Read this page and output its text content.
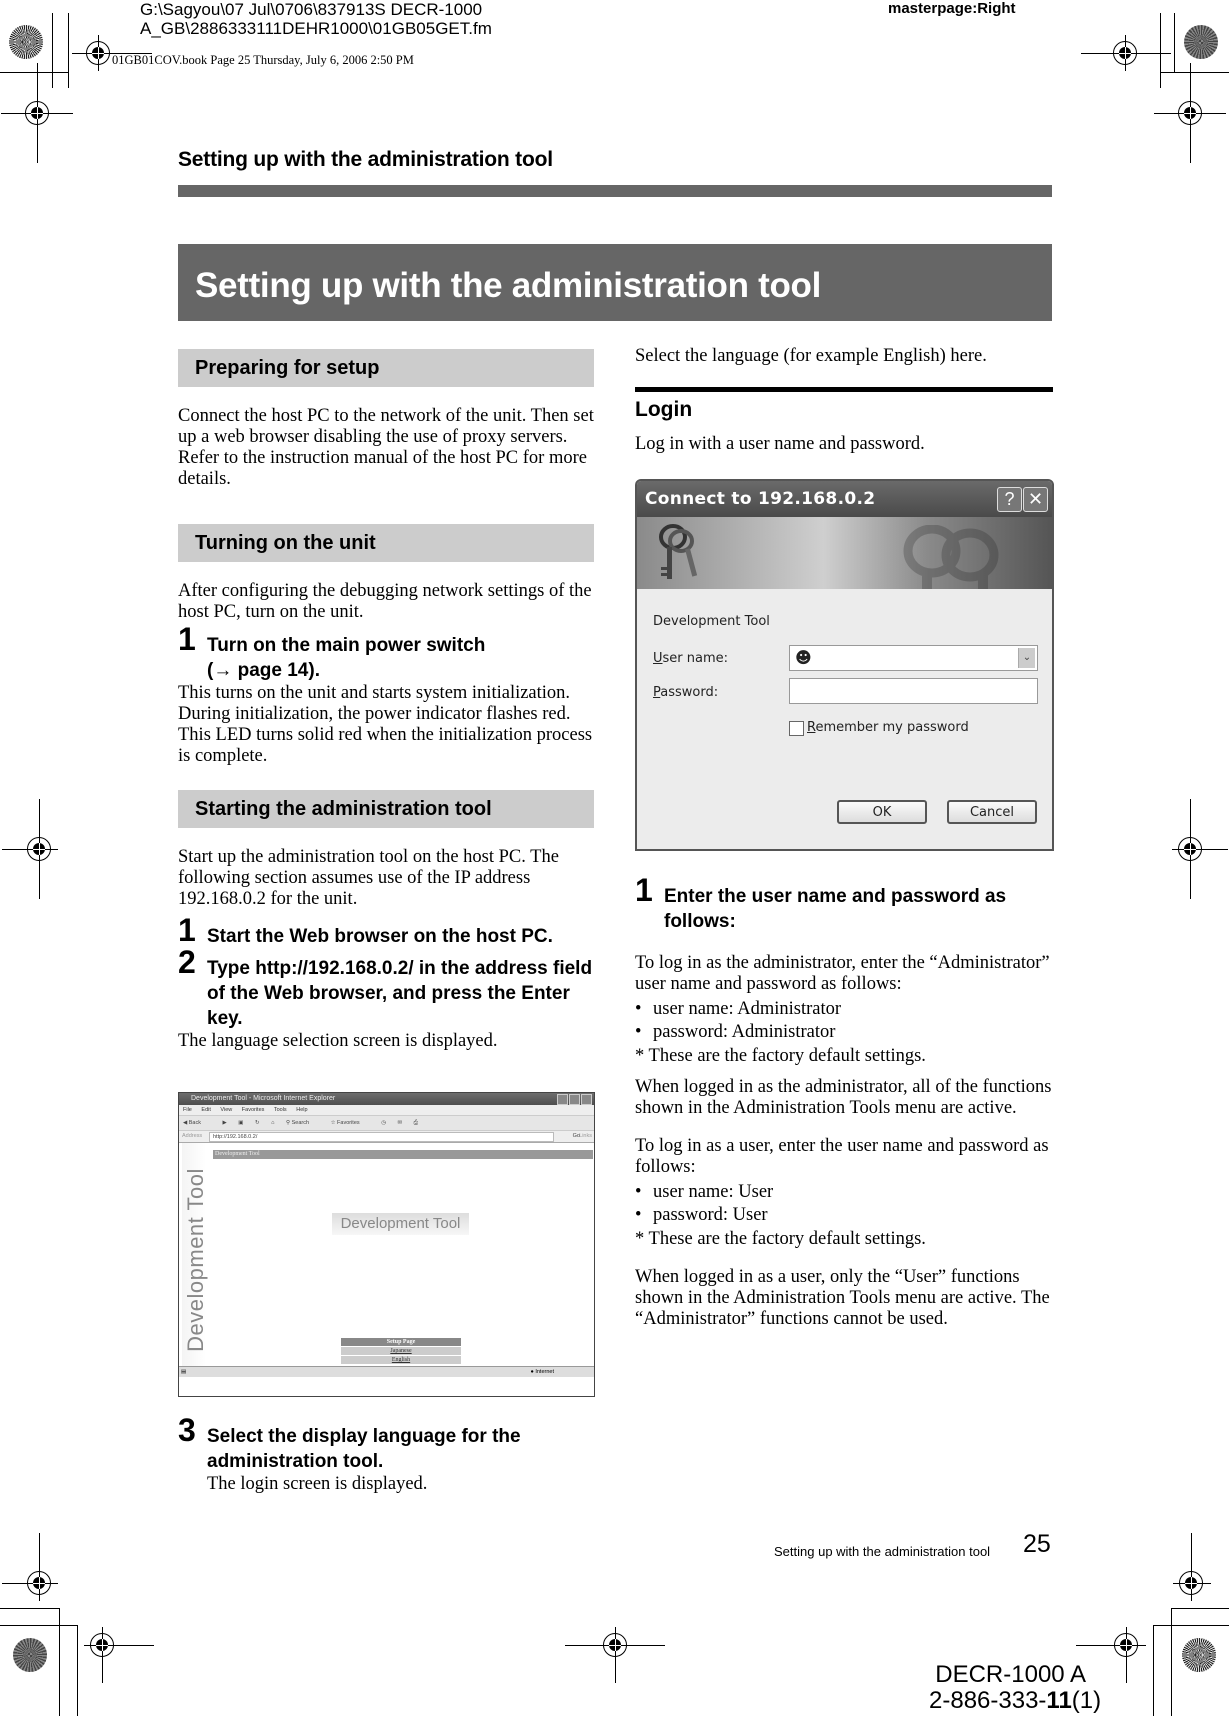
G:\Sagyou\07 Jul\0706\837913S DECR-1000
A_GB\2886333111DEHR1000\01GB05GET.fm
01GB01COV.book Page 25 Thursday, July 6, 2006 2:50 PM
masterpage:Right
Setting up with the administration tool
Setting up with the administration tool
Preparing for setup
Connect the host PC to the network of the unit. Then set up a web browser disabling the use of proxy servers. Refer to the instruction manual of the host PC for more details.
Turning on the unit
After configuring the debugging network settings of the host PC, turn on the unit.
1 Turn on the main power switch
(→ page 14).
This turns on the unit and starts system initialization. During initialization, the power indicator flashes red. This LED turns solid red when the initialization process is complete.
Starting the administration tool
Start up the administration tool on the host PC. The following section assumes use of the IP address 192.168.0.2 for the unit.
1 Start the Web browser on the host PC.
2 Type http://192.168.0.2/ in the address field of the Web browser, and press the Enter key.
The language selection screen is displayed.
Development Tool - Microsoft Internet Explorer
File Edit View Favorites Tools Help
◀ Back	▶ ▣ ↻ ⌂ ⚲ Search	☆ Favorites	◷ ✉ ⎙
Address	http://192.168.0.2/	Go Links
Development Tool
Development Tool
Development Tool
Setup Page
Japanese
English
▤	● Internet
3 Select the display language for the administration tool.
The login screen is displayed.
Select the language (for example English) here.
Login
Log in with a user name and password.
Connect to 192.168.0.2	? ✕
Development Tool
User name:	☻	⌄
Password:
Remember my password
OK	Cancel
1 Enter the user name and password as follows:
To log in as the administrator, enter the “Administrator” user name and password as follows:
• user name: Administrator
• password: Administrator
* These are the factory default settings.
When logged in as the administrator, all of the functions shown in the Administration Tools menu are active.
To log in as a user, enter the user name and password as follows:
• user name: User
• password: User
* These are the factory default settings.
When logged in as a user, only the “User” functions shown in the Administration Tools menu are active. The “Administrator” functions cannot be used.
Setting up with the administration tool 25
DECR-1000 A
2-886-333-11(1)
